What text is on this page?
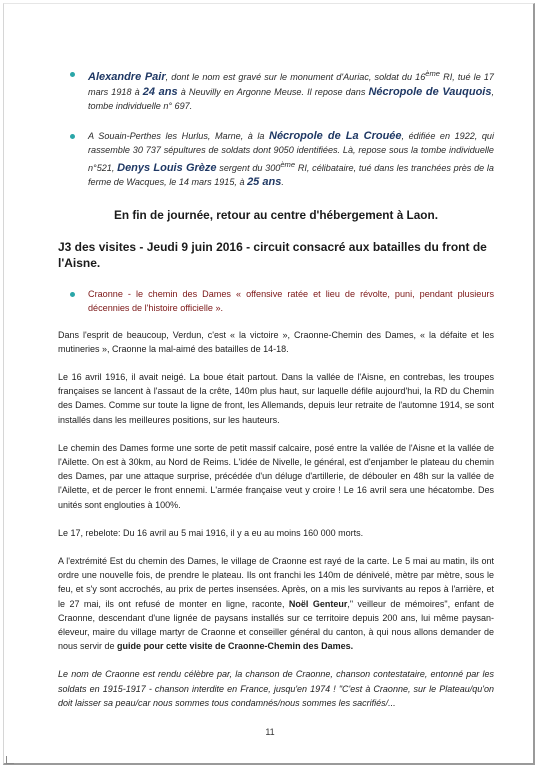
Alexandre Pair, dont le nom est gravé sur le monument d'Auriac, soldat du 16ème RI, tué le 17 mars 1918 à 24 ans à Neuvilly en Argonne Meuse. Il repose dans Nécropole de Vauquois, tombe individuelle n° 697.

A Souain-Perthes les Hurlus, Marne, à la Nécropole de La Crouée, édifiée en 1922, qui rassemble 30 737 sépultures de soldats dont 9050 identifiées. Là, repose sous la tombe individuelle n°521, Denys Louis Grèze sergent du 300ème RI, célibataire, tué dans les tranchées près de la ferme de Wacques, le 14 mars 1915, à 25 ans.

En fin de journée, retour au centre d'hébergement à Laon.

J3 des visites - Jeudi 9 juin 2016 - circuit consacré aux batailles du front de l'Aisne.

Craonne - le chemin des Dames « offensive ratée et lieu de révolte, puni, pendant plusieurs décennies de l'histoire officielle ».

Dans l'esprit de beaucoup, Verdun, c'est « la victoire », Craonne-Chemin des Dames, « la défaite et les mutineries », Craonne la mal-aimé des batailles de 14-18.

Le 16 avril 1916, il avait neigé. La boue était partout. Dans la vallée de l'Aisne, en contrebas, les troupes françaises se lancent à l'assaut de la crête, 140m plus haut, sur laquelle défile aujourd'hui, la RD du Chemin des Dames. Comme sur toute la ligne de front, les Allemands, depuis leur retraite de l'automne 1914, se sont installés dans les meilleures positions, sur les hauteurs.

Le chemin des Dames forme une sorte de petit massif calcaire, posé entre la vallée de l'Aisne et la vallée de l'Ailette. On est à 30km, au Nord de Reims. L'idée de Nivelle, le général, est d'enjamber le plateau du chemin des Dames, par une attaque surprise, précédée d'un déluge d'artillerie, de débouler en 48h sur la vallée de l'Ailette, et de percer le front ennemi. L'armée française veut y croire ! Le 16 avril sera une hécatombe. Des unités sont englouties à 100%.

Le 17, rebelote: Du 16 avril au 5 mai 1916, il y a eu au moins 160 000 morts.

A l'extrémité Est du chemin des Dames, le village de Craonne est rayé de la carte. Le 5 mai au matin, ils ont ordre une nouvelle fois, de prendre le plateau. Ils ont franchi les 140m de dénivelé, mètre par mètre, sous le feu, et s'y sont accrochés, au prix de pertes insensées. Après, on a mis les survivants au repos à l'arrière, et le 27 mai, ils ont refusé de monter en ligne, raconte, Noël Genteur," veilleur de mémoires", enfant de Craonne, descendant d'une lignée de paysans installés sur ce territoire depuis 200 ans, lui même paysan-éleveur, maire du village martyr de Craonne et conseiller général du canton, à qui nous allons demander de nous servir de guide pour cette visite de Craonne-Chemin des Dames.

Le nom de Craonne est rendu célèbre par, la chanson de Craonne, chanson contestataire, entonné par les soldats en 1915-1917 - chanson interdite en France, jusqu'en 1974 ! "C'est à Craonne, sur le Plateau/qu'on doit laisser sa peau/car nous sommes tous condamnés/nous sommes les sacrifiés/...

11
